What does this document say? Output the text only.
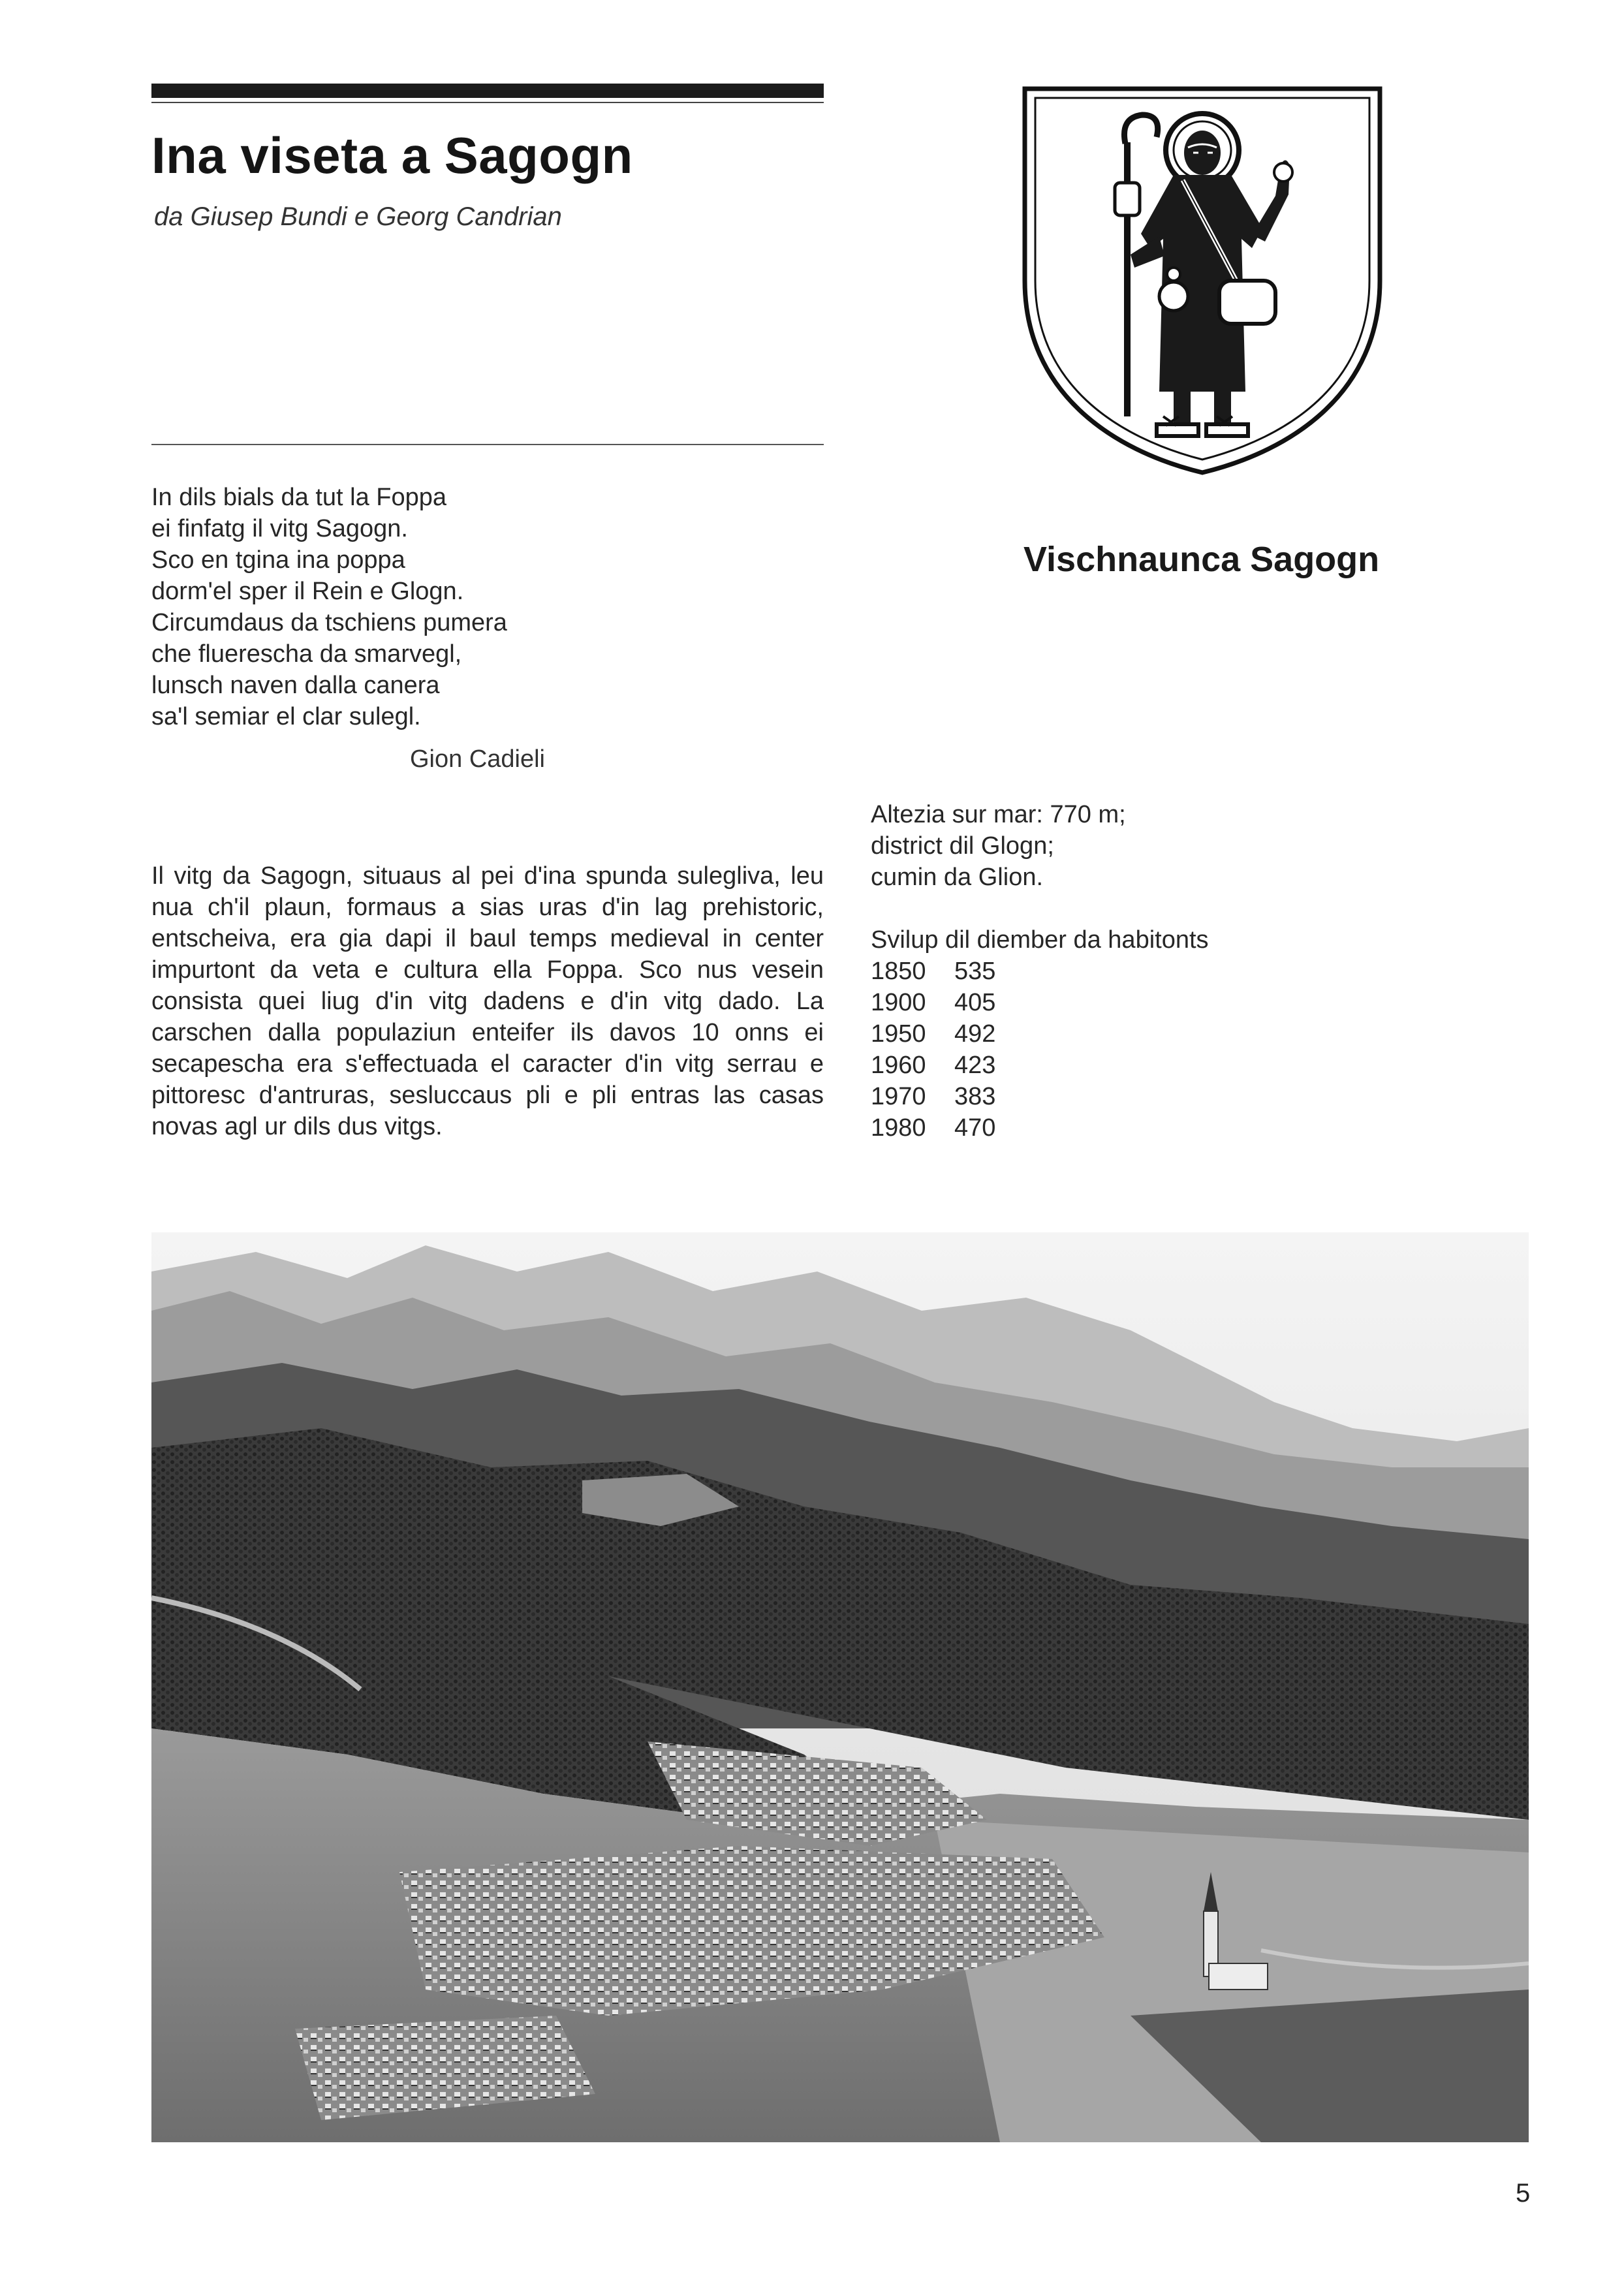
Ina viseta a Sagogn
da Giusep Bundi e Georg Candrian
In dils bials da tut la Foppa
ei finfatg il vitg Sagogn.
Sco en tgina ina poppa
dorm'el sper il Rein e Glogn.
Circumdaus da tschiens pumera
che fluerescha da smarvegl,
lunsch naven dalla canera
sa'l semiar el clar sulegl.
Gion Cadieli
Il vitg da Sagogn, situaus al pei d'ina spunda sulegliva, leu nua ch'il plaun, formaus a sias uras d'in lag prehistoric, entscheiva, era gia dapi il baul temps medieval in center impurtont da veta e cultura ella Foppa. Sco nus vesein consista quei liug d'in vitg dadens e d'in vitg dado. La carschen dalla populaziun enteifer ils davos 10 onns ei secapescha era s'effectuada el caracter d'in vitg serrau e pittoresc d'antruras, sesluccaus pli e pli entras las casas novas agl ur dils dus vitgs.
Vischnaunca Sagogn
Altezia sur mar: 770 m;
district dil Glogn;
cumin da Glion.
Svilup dil diember da habitonts
1850	535
1900	405
1950	492
1960	423
1970	383
1980	470
5
